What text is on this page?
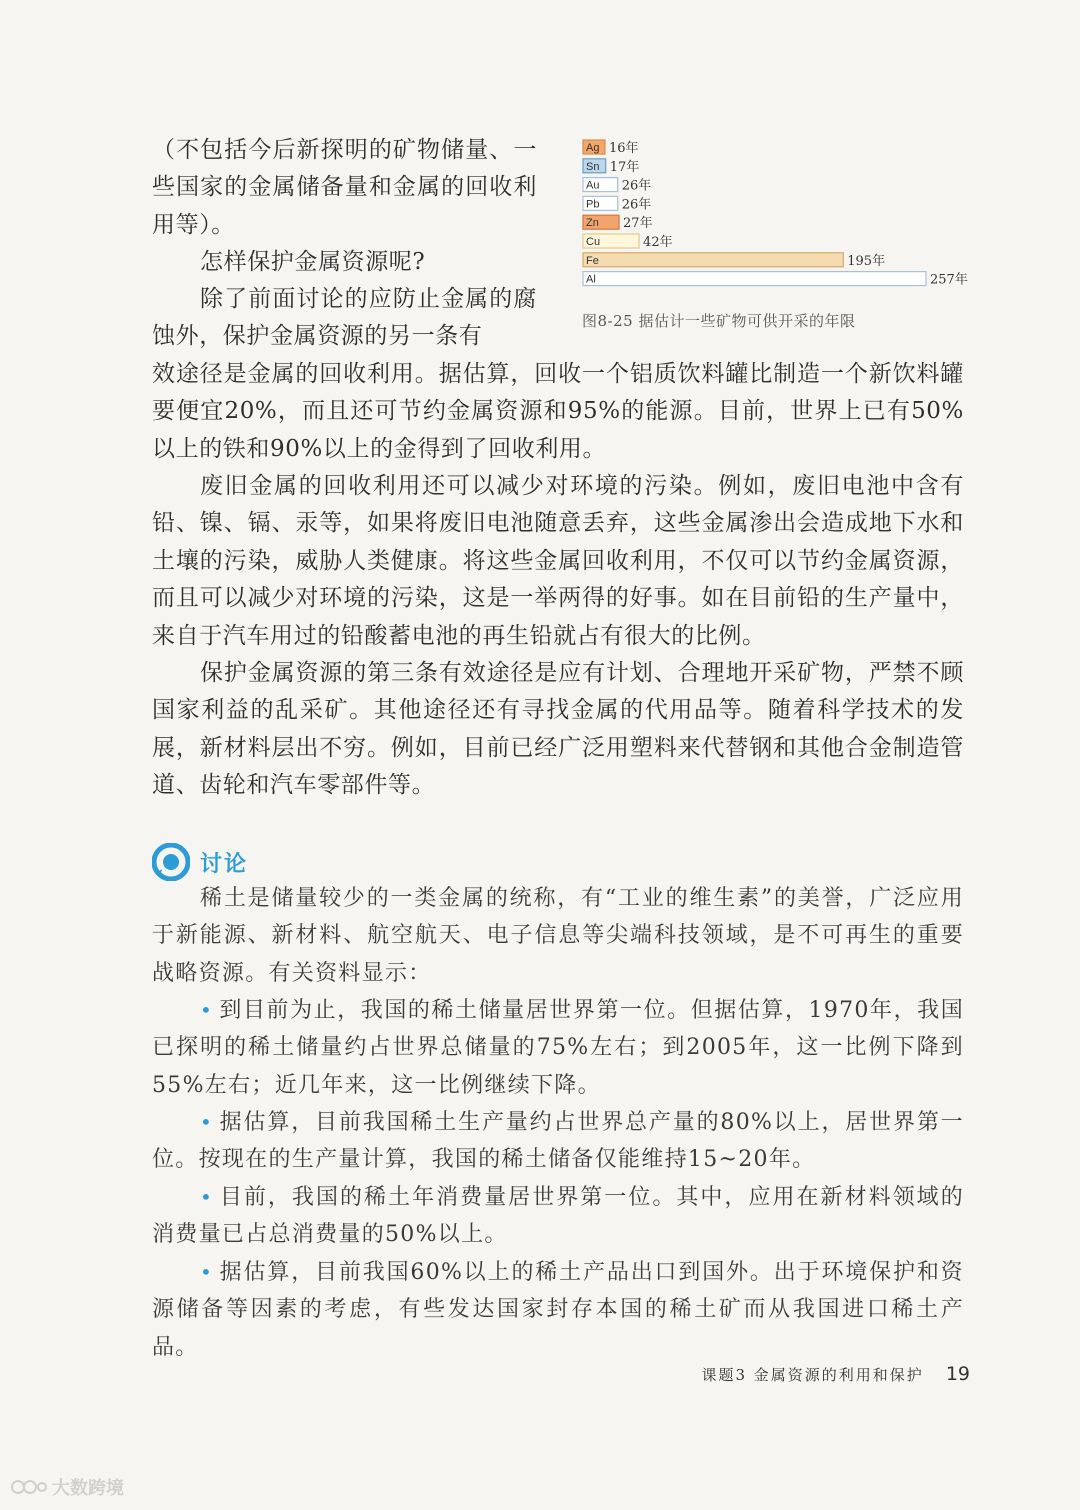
（不包括今后新探明的矿物储量、一些国家的金属储备量和金属的回收利用等）。

怎样保护金属资源呢?

除了前面讨论的应防止金属的腐蚀外，保护金属资源的另一条有

效途径是金属的回收利用。据估算，回收一个铝质饮料罐比制造一个新饮料罐要便宜20%，而且还可节约金属资源和95%的能源。目前，世界上已有50%以上的铁和90%以上的金得到了回收利用。

废旧金属的回收利用还可以减少对环境的污染。例如，废旧电池中含有铅、镍、镉、汞等，如果将废旧电池随意丢弃，这些金属渗出会造成地下水和土壤的污染，威胁人类健康。将这些金属回收利用，不仅可以节约金属资源，而且可以减少对环境的污染，这是一举两得的好事。如在目前铅的生产量中，来自于汽车用过的铅酸蓄电池的再生铅就占有很大的比例。

保护金属资源的第三条有效途径是应有计划、合理地开采矿物，严禁不顾国家利益的乱采矿。其他途径还有寻找金属的代用品等。随着科学技术的发展，新材料层出不穷。例如，目前已经广泛用塑料来代替钢和其他合金制造管道、齿轮和汽车零部件等。

Ag 16年
Sn 17年
Au 26年
Pb 26年
Zn 27年
Cu	42年
Fe	195年
Al	257年

图8-25 据估计一些矿物可供开采的年限

讨论

稀土是储量较少的一类金属的统称，有“工业的维生素”的美誉，广泛应用于新能源、新材料、航空航天、电子信息等尖端科技领域，是不可再生的重要战略资源。有关资料显示：

• 到目前为止，我国的稀土储量居世界第一位。但据估算，1970年，我国已探明的稀土储量约占世界总储量的75%左右；到2005年，这一比例下降到55%左右；近几年来，这一比例继续下降。

• 据估算，目前我国稀土生产量约占世界总产量的80%以上，居世界第一位。按现在的生产量计算，我国的稀土储备仅能维持15~20年。

• 目前，我国的稀土年消费量居世界第一位。其中，应用在新材料领域的消费量已占总消费量的50%以上。

• 据估算，目前我国60%以上的稀土产品出口到国外。出于环境保护和资源储备等因素的考虑，有些发达国家封存本国的稀土矿而从我国进口稀土产品。

课题3 金属资源的利用和保护 19
大数跨境
